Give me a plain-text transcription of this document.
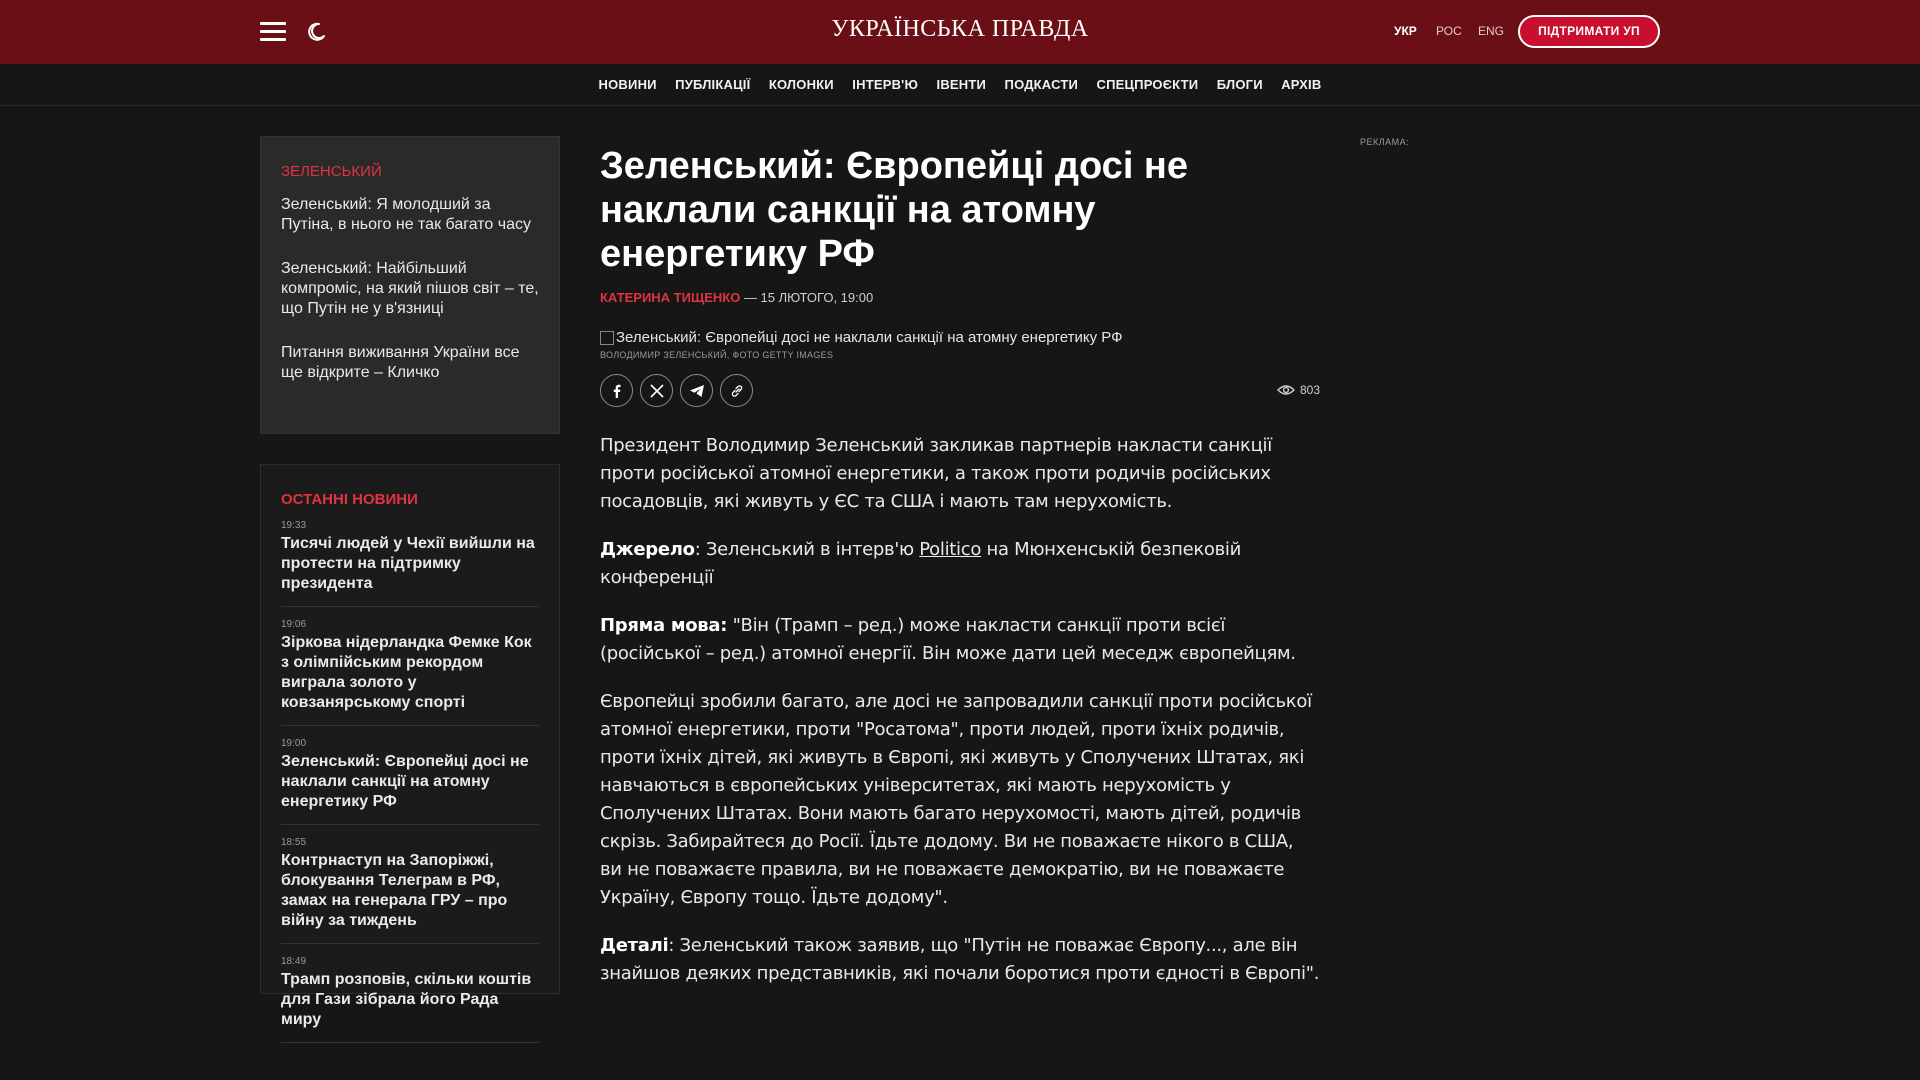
УКРАЇНСЬКА ПРАВДА	УКР РОС ENG	ПІДТРИМАТИ УП
НОВИНИ ПУБЛІКАЦІЇ КОЛОНКИ ІНТЕРВ'Ю ІВЕНТИ ПОДКАСТИ СПЕЦПРОЄКТИ БЛОГИ АРХІВ
ЗЕЛЕНСЬКИЙ
Зеленський: Я молодший за Путіна, в нього не так багато часу
Зеленський: Найбільший компроміс, на який пішов світ – те, що Путін не у в'язниці
Питання виживання України все ще відкрите – Кличко
ОСТАННІ НОВИНИ
19:33
Тисячі людей у Чехії вийшли на протести на підтримку президента
19:06
Зіркова нідерландка Фемке Кок з олімпійським рекордом виграла золото у ковзанярському спорті
19:00
Зеленський: Європейці досі не наклали санкції на атомну енергетику РФ
18:55
Контрнаступ на Запоріжжі, блокування Телеграм в РФ, замах на генерала ГРУ – про війну за тиждень
18:49
Трамп розповів, скільки коштів для Гази зібрала його Рада миру
Зеленський: Європейці досі не наклали санкції на атомну енергетику РФ
КАТЕРИНА ТИЩЕНКО — 15 ЛЮТОГО, 19:00
Зеленський: Європейці досі не наклали санкції на атомну енергетику РФ
ВОЛОДИМИР ЗЕЛЕНСЬКИЙ, ФОТО GETTY IMAGES
803

Президент Володимир Зеленський закликав партнерів накласти санкції проти російської атомної енергетики, а також проти родичів російських посадовців, які живуть у ЄС та США і мають там нерухомість.

Джерело: Зеленський в інтерв'ю Politico на Мюнхенській безпековій конференції

Пряма мова: "Він (Трамп – ред.) може накласти санкції проти всієї (російської – ред.) атомної енергії. Він може дати цей меседж європейцям.

Європейці зробили багато, але досі не запровадили санкції проти російської атомної енергетики, проти "Росатома", проти людей, проти їхніх родичів, проти їхніх дітей, які живуть в Європі, які живуть у Сполучених Штатах, які навчаються в європейських університетах, які мають нерухомість у Сполучених Штатах. Вони мають багато нерухомості, мають дітей, родичів скрізь. Забирайтеся до Росії. Їдьте додому. Ви не поважаєте нікого в США, ви не поважаєте правила, ви не поважаєте демократію, ви не поважаєте Україну, Європу тощо. Їдьте додому".

Деталі: Зеленський також заявив, що "Путін не поважає Європу..., але він знайшов деяких представників, які почали боротися проти єдності в Європі".

РЕКЛАМА:
